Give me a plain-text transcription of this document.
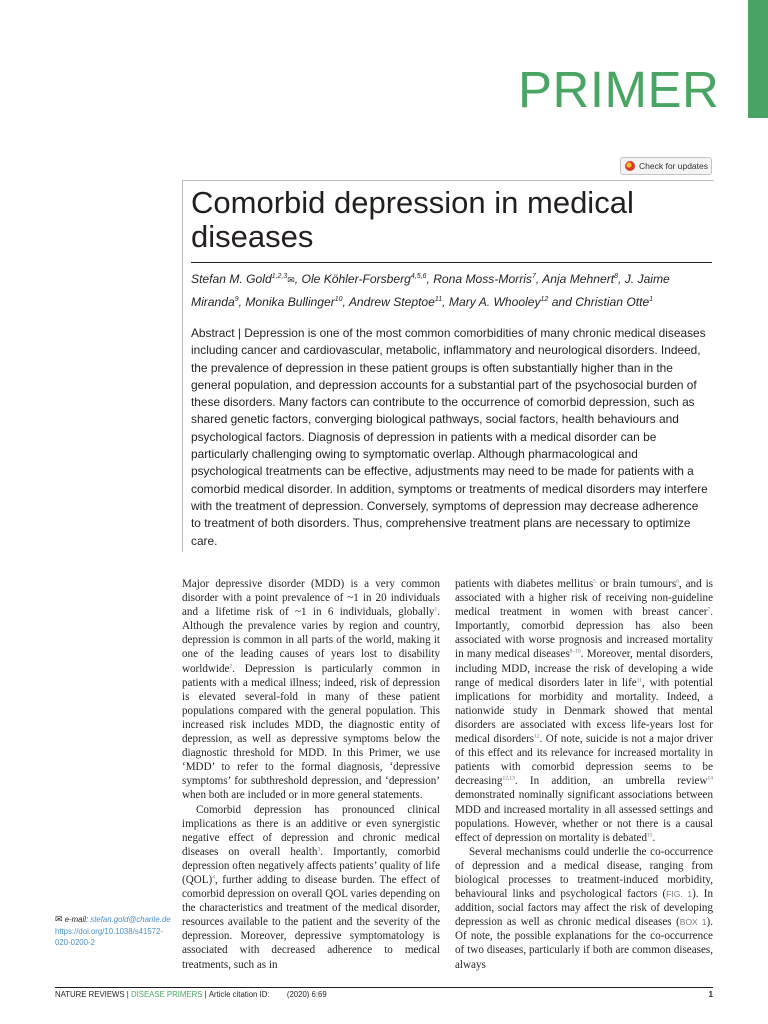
PRIMER
Check for updates
Comorbid depression in medical diseases
Stefan M. Gold$^{1,2,3}$✉, Ole Köhler-Forsberg$^{4,5,6}$, Rona Moss-Morris$^7$, Anja Mehnert$^8$, J. Jaime Miranda$^9$, Monika Bullinger$^{10}$, Andrew Steptoe$^{11}$, Mary A. Whooley$^{12}$ and Christian Otte$^1$
Abstract | Depression is one of the most common comorbidities of many chronic medical diseases including cancer and cardiovascular, metabolic, inflammatory and neurological disorders. Indeed, the prevalence of depression in these patient groups is often substantially higher than in the general population, and depression accounts for a substantial part of the psychosocial burden of these disorders. Many factors can contribute to the occurrence of comorbid depression, such as shared genetic factors, converging biological pathways, social factors, health behaviours and psychological factors. Diagnosis of depression in patients with a medical disorder can be particularly challenging owing to symptomatic overlap. Although pharmacological and psychological treatments can be effective, adjustments may need to be made for patients with a comorbid medical disorder. In addition, symptoms or treatments of medical disorders may interfere with the treatment of depression. Conversely, symptoms of depression may decrease adherence to treatment of both disorders. Thus, comprehensive treatment plans are necessary to optimize care.

Major depressive disorder (MDD) is a very common disorder with a point prevalence of ~1 in 20 individuals and a lifetime risk of ~1 in 6 individuals, globally$^1$. Although the prevalence varies by region and country, depression is common in all parts of the world, making it one of the leading causes of years lost to disability worldwide$^2$. Depression is particularly common in patients with a medical illness; indeed, risk of depression is elevated several-fold in many of these patient populations compared with the general population. This increased risk includes MDD, the diagnostic entity of depression, as well as depressive symptoms below the diagnostic threshold for MDD. In this Primer, we use ‘MDD’ to refer to the formal diagnosis, ‘depressive symptoms’ for subthreshold depression, and ‘depression’ when both are included or in more general statements.

Comorbid depression has pronounced clinical implications as there is an additive or even synergistic negative effect of depression and chronic medical diseases on overall health$^3$. Importantly, comorbid depression often negatively affects patients’ quality of life (QOL)$^4$, further adding to disease burden. The effect of comorbid depression on overall QOL varies depending on the characteristics and treatment of the medical disorder, resources available to the patient and the severity of the depression. Moreover, depressive symptomatology is associated with decreased adherence to medical treatments, such as in

patients with diabetes mellitus$^5$ or brain tumours$^6$, and is associated with a higher risk of receiving non-guideline medical treatment in women with breast cancer$^7$. Importantly, comorbid depression has also been associated with worse prognosis and increased mortality in many medical diseases$^{8-10}$. Moreover, mental disorders, including MDD, increase the risk of developing a wide range of medical disorders later in life$^{11}$, with potential implications for morbidity and mortality. Indeed, a nationwide study in Denmark showed that mental disorders are associated with excess life-years lost for medical disorders$^{12}$. Of note, suicide is not a major driver of this effect and its relevance for increased mortality in patients with comorbid depression seems to be decreasing$^{12,13}$. In addition, an umbrella review$^{14}$ demonstrated nominally significant associations between MDD and increased mortality in all assessed settings and populations. However, whether or not there is a causal effect of depression on mortality is debated$^{15}$.

Several mechanisms could underlie the co-occurrence of depression and a medical disease, ranging from biological processes to treatment-induced morbidity, behavioural links and psychological factors (FIG. 1). In addition, social factors may affect the risk of developing depression as well as chronic medical diseases (BOX 1). Of note, the possible explanations for the co-occurrence of two diseases, particularly if both are common diseases, always

✉ e-mail: stefan.gold@charite.de
https://doi.org/10.1038/s41572-020-0200-2
NATURE REVIEWS | DISEASE PRIMERS | Article citation ID:
(2020) 6:69	1
